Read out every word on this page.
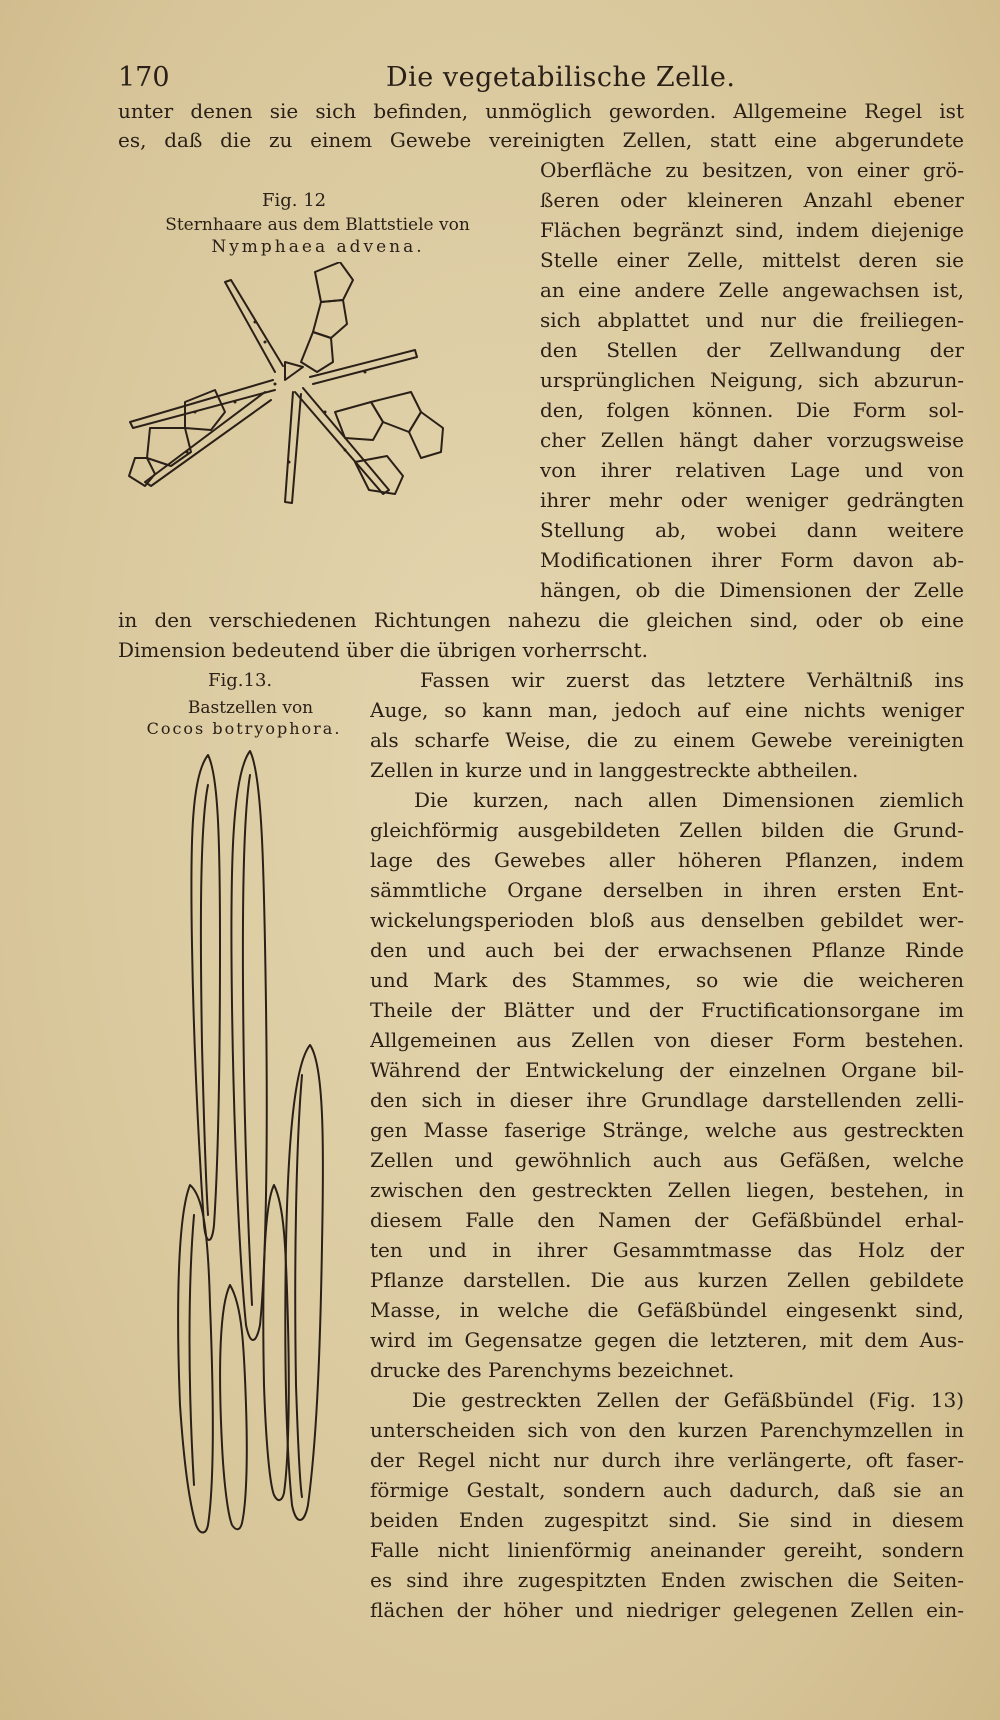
170	Die vegetabilische Zelle.
unter denen sie sich befinden, unmöglich geworden. Allgemeine Regel ist
es, daß die zu einem Gewebe vereinigten Zellen, statt eine abgerundete
Fig. 12
Sternhaare aus dem Blattstiele von
Nymphaea advena.
Oberfläche zu besitzen, von einer grö-
ßeren oder kleineren Anzahl ebener
Flächen begränzt sind, indem diejenige
Stelle einer Zelle, mittelst deren sie
an eine andere Zelle angewachsen ist,
sich abplattet und nur die freiliegen-
den Stellen der Zellwandung der
ursprünglichen Neigung, sich abzurun-
den, folgen können. Die Form sol-
cher Zellen hängt daher vorzugsweise
von ihrer relativen Lage und von
ihrer mehr oder weniger gedrängten
Stellung ab, wobei dann weitere
Modificationen ihrer Form davon ab-
hängen, ob die Dimensionen der Zelle
in den verschiedenen Richtungen nahezu die gleichen sind, oder ob eine
Dimension bedeutend über die übrigen vorherrscht.
Fig.13.
Bastzellen von
Cocos botryophora.
Fassen wir zuerst das letztere Verhältniß ins
Auge, so kann man, jedoch auf eine nichts weniger
als scharfe Weise, die zu einem Gewebe vereinigten
Zellen in kurze und in langgestreckte abtheilen.
Die kurzen, nach allen Dimensionen ziemlich
gleichförmig ausgebildeten Zellen bilden die Grund-
lage des Gewebes aller höheren Pflanzen, indem
sämmtliche Organe derselben in ihren ersten Ent-
wickelungsperioden bloß aus denselben gebildet wer-
den und auch bei der erwachsenen Pflanze Rinde
und Mark des Stammes, so wie die weicheren
Theile der Blätter und der Fructificationsorgane im
Allgemeinen aus Zellen von dieser Form bestehen.
Während der Entwickelung der einzelnen Organe bil-
den sich in dieser ihre Grundlage darstellenden zelli-
gen Masse faserige Stränge, welche aus gestreckten
Zellen und gewöhnlich auch aus Gefäßen, welche
zwischen den gestreckten Zellen liegen, bestehen, in
diesem Falle den Namen der Gefäßbündel erhal-
ten und in ihrer Gesammtmasse das Holz der
Pflanze darstellen. Die aus kurzen Zellen gebildete
Masse, in welche die Gefäßbündel eingesenkt sind,
wird im Gegensatze gegen die letzteren, mit dem Aus-
drucke des Parenchyms bezeichnet.
Die gestreckten Zellen der Gefäßbündel (Fig. 13)
unterscheiden sich von den kurzen Parenchymzellen in
der Regel nicht nur durch ihre verlängerte, oft faser-
förmige Gestalt, sondern auch dadurch, daß sie an
beiden Enden zugespitzt sind. Sie sind in diesem
Falle nicht linienförmig aneinander gereiht, sondern
es sind ihre zugespitzten Enden zwischen die Seiten-
flächen der höher und niedriger gelegenen Zellen ein-
